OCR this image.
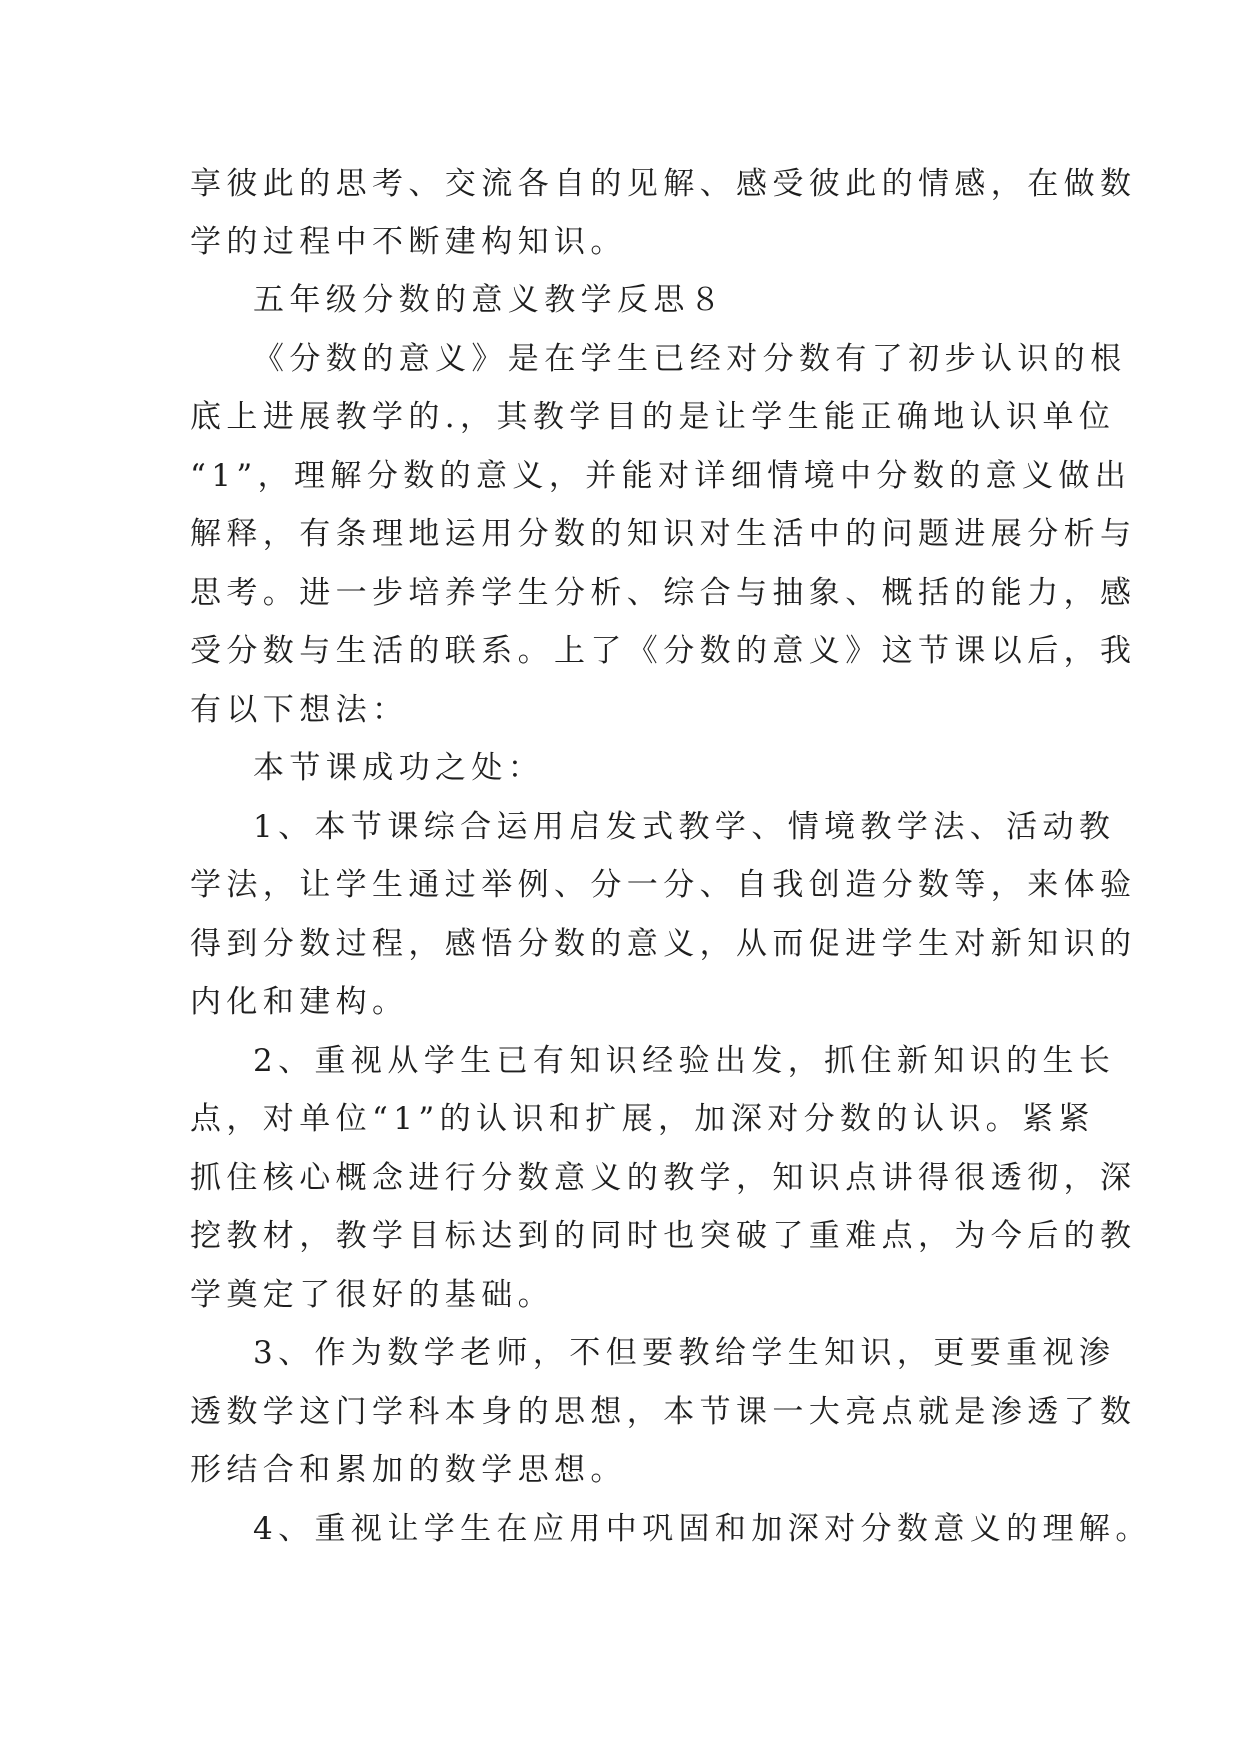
享彼此的思考、交流各自的见解、感受彼此的情感，在做数
学的过程中不断建构知识。
五年级分数的意义教学反思８
《分数的意义》是在学生已经对分数有了初步认识的根
底上进展教学的.，其教学目的是让学生能正确地认识单位
“1”，理解分数的意义，并能对详细情境中分数的意义做出
解释，有条理地运用分数的知识对生活中的问题进展分析与
思考。进一步培养学生分析、综合与抽象、概括的能力，感
受分数与生活的联系。上了《分数的意义》这节课以后，我
有以下想法：
本节课成功之处：
1、本节课综合运用启发式教学、情境教学法、活动教
学法，让学生通过举例、分一分、自我创造分数等，来体验
得到分数过程，感悟分数的意义，从而促进学生对新知识的
内化和建构。
2、重视从学生已有知识经验出发，抓住新知识的生长
点，对单位“1”的认识和扩展，加深对分数的认识。紧紧
抓住核心概念进行分数意义的教学，知识点讲得很透彻，深
挖教材，教学目标达到的同时也突破了重难点，为今后的教
学奠定了很好的基础。
3、作为数学老师，不但要教给学生知识，更要重视渗
透数学这门学科本身的思想，本节课一大亮点就是渗透了数
形结合和累加的数学思想。
4、重视让学生在应用中巩固和加深对分数意义的理解。
